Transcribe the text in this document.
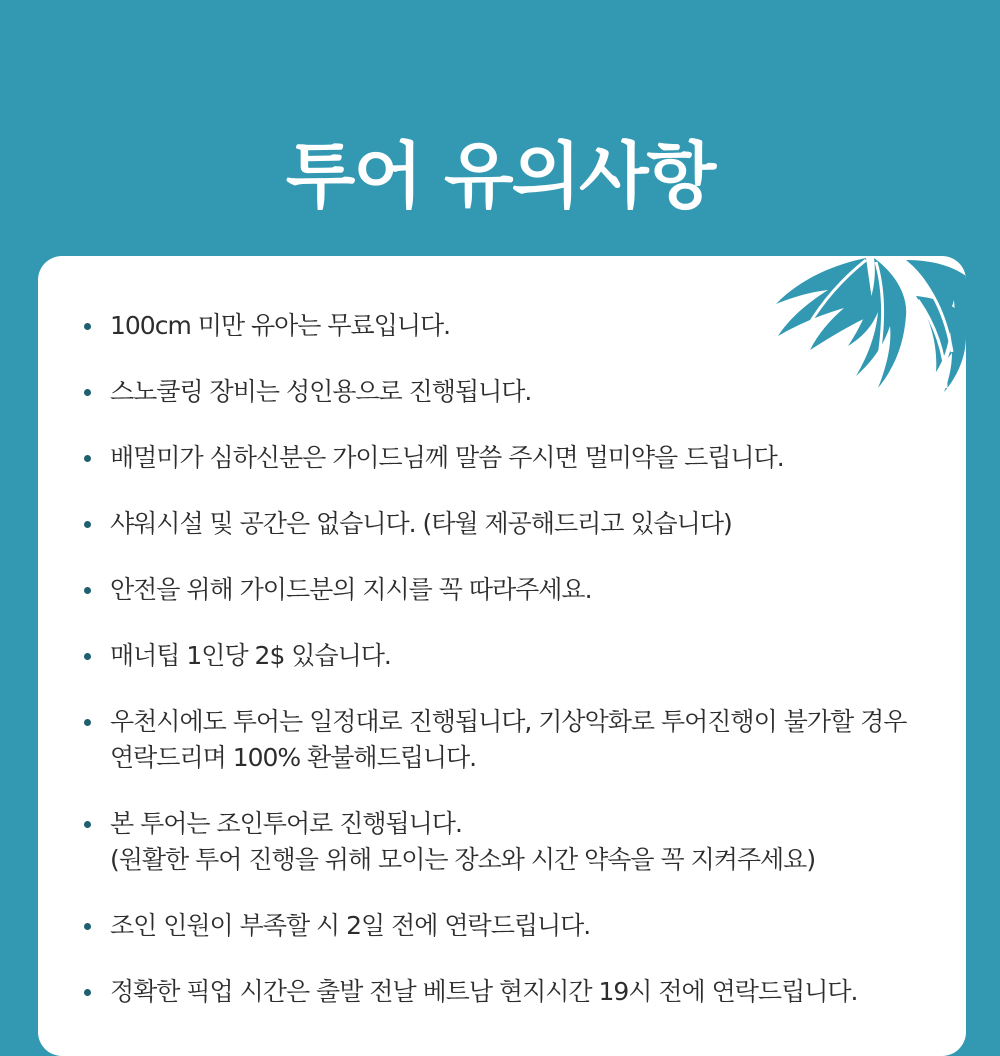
투어 유의사항
100cm 미만 유아는 무료입니다.
스노쿨링 장비는 성인용으로 진행됩니다.
배멀미가 심하신분은 가이드님께 말씀 주시면 멀미약을 드립니다.
샤워시설 및 공간은 없습니다. (타월 제공해드리고 있습니다)
안전을 위해 가이드분의 지시를 꼭 따라주세요.
매너팁 1인당 2$ 있습니다.
우천시에도 투어는 일정대로 진행됩니다, 기상악화로 투어진행이 불가할 경우
연락드리며 100% 환불해드립니다.
본 투어는 조인투어로 진행됩니다.
(원활한 투어 진행을 위해 모이는 장소와 시간 약속을 꼭 지켜주세요)
조인 인원이 부족할 시 2일 전에 연락드립니다.
정확한 픽업 시간은 출발 전날 베트남 현지시간 19시 전에 연락드립니다.
